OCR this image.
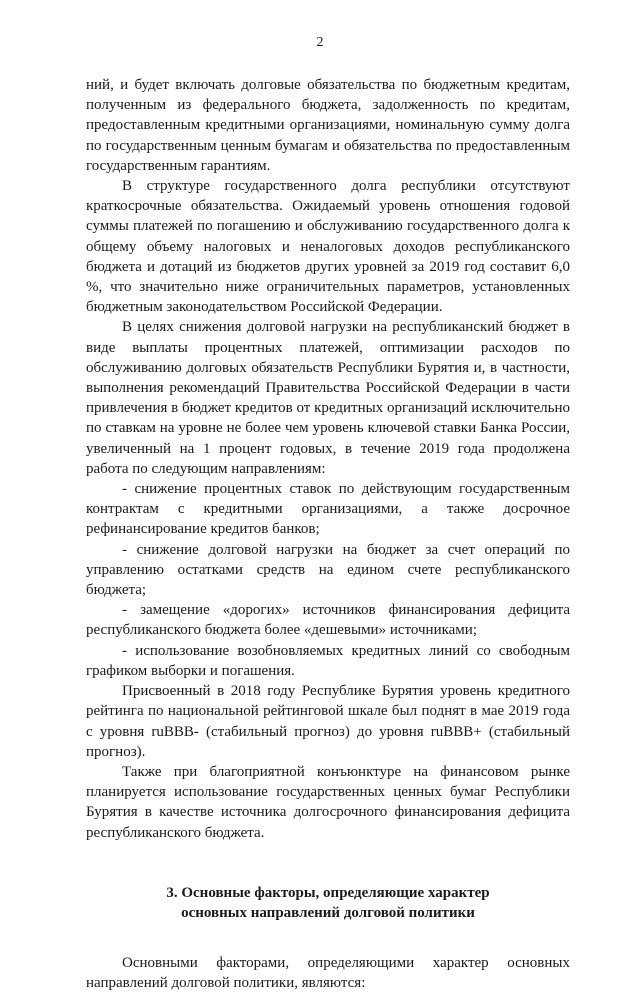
2

ний, и будет включать долговые обязательства по бюджетным кредитам, полученным из федерального бюджета, задолженность по кредитам, предоставленным кредитными организациями, номинальную сумму долга по государственным ценным бумагам и обязательства по предоставленным государственным гарантиям.

В структуре государственного долга республики отсутствуют краткосрочные обязательства. Ожидаемый уровень отношения годовой суммы платежей по погашению и обслуживанию государственного долга к общему объему налоговых и неналоговых доходов республиканского бюджета и дотаций из бюджетов других уровней за 2019 год составит 6,0 %, что значительно ниже ограничительных параметров, установленных бюджетным законодательством Российской Федерации.

В целях снижения долговой нагрузки на республиканский бюджет в виде выплаты процентных платежей, оптимизации расходов по обслуживанию долговых обязательств Республики Бурятия и, в частности, выполнения рекомендаций Правительства Российской Федерации в части привлечения в бюджет кредитов от кредитных организаций исключительно по ставкам на уровне не более чем уровень ключевой ставки Банка России, увеличенный на 1 процент годовых, в течение 2019 года продолжена работа по следующим направлениям:

- снижение процентных ставок по действующим государственным контрактам с кредитными организациями, а также досрочное рефинансирование кредитов банков;

- снижение долговой нагрузки на бюджет за счет операций по управлению остатками средств на едином счете республиканского бюджета;

- замещение «дорогих» источников финансирования дефицита республиканского бюджета более «дешевыми» источниками;

- использование возобновляемых кредитных линий со свободным графиком выборки и погашения.

Присвоенный в 2018 году Республике Бурятия уровень кредитного рейтинга по национальной рейтинговой шкале был поднят в мае 2019 года с уровня ruBBB- (стабильный прогноз) до уровня ruBBB+ (стабильный прогноз).

Также при благоприятной конъюнктуре на финансовом рынке планируется использование государственных ценных бумаг Республики Бурятия в качестве источника долгосрочного финансирования дефицита республиканского бюджета.

3. Основные факторы, определяющие характер
основных направлений долговой политики

Основными факторами, определяющими характер основных направлений долговой политики, являются:
